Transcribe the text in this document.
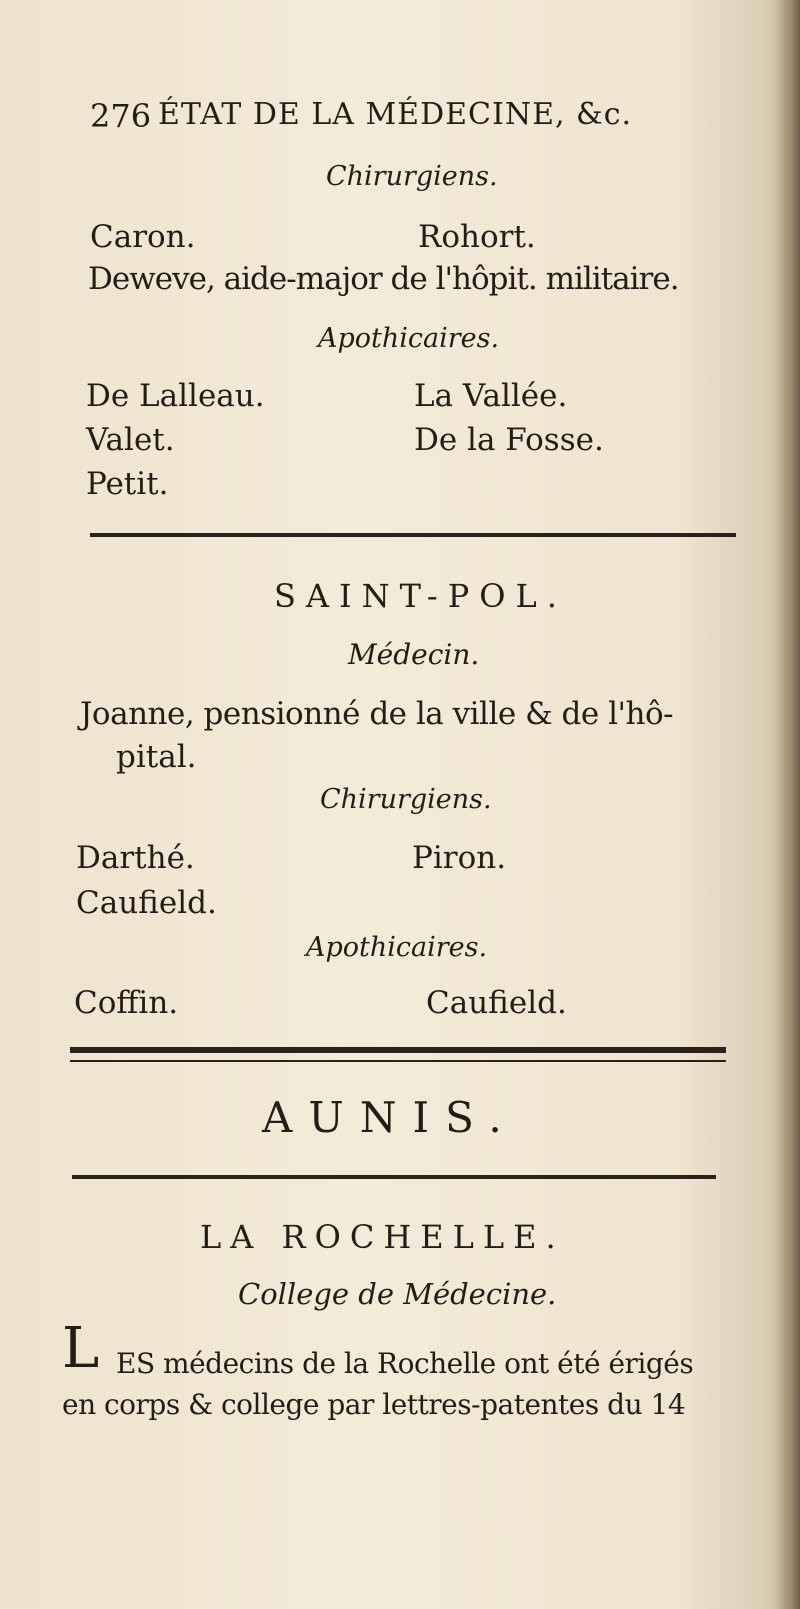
276 ÉTAT DE LA MÉDECINE, &c.
Chirurgiens.
Caron.	Rohort.
Deweve, aide-major de l'hôpit. militaire.
Apothicaires.
De Lalleau.
Valet.
Petit.
La Vallée.
De la Fosse.
SAINT-POL.
Médecin.
Joanne, pensionné de la ville & de l'hô-
pital.
Chirurgiens.
Darthé.
Caufield.
Piron.
Apothicaires.
Coffin.	Caufield.
AUNIS.
LA ROCHELLE.
College de Médecine.
L ES médecins de la Rochelle ont été érigés
en corps & college par lettres-patentes du 14
